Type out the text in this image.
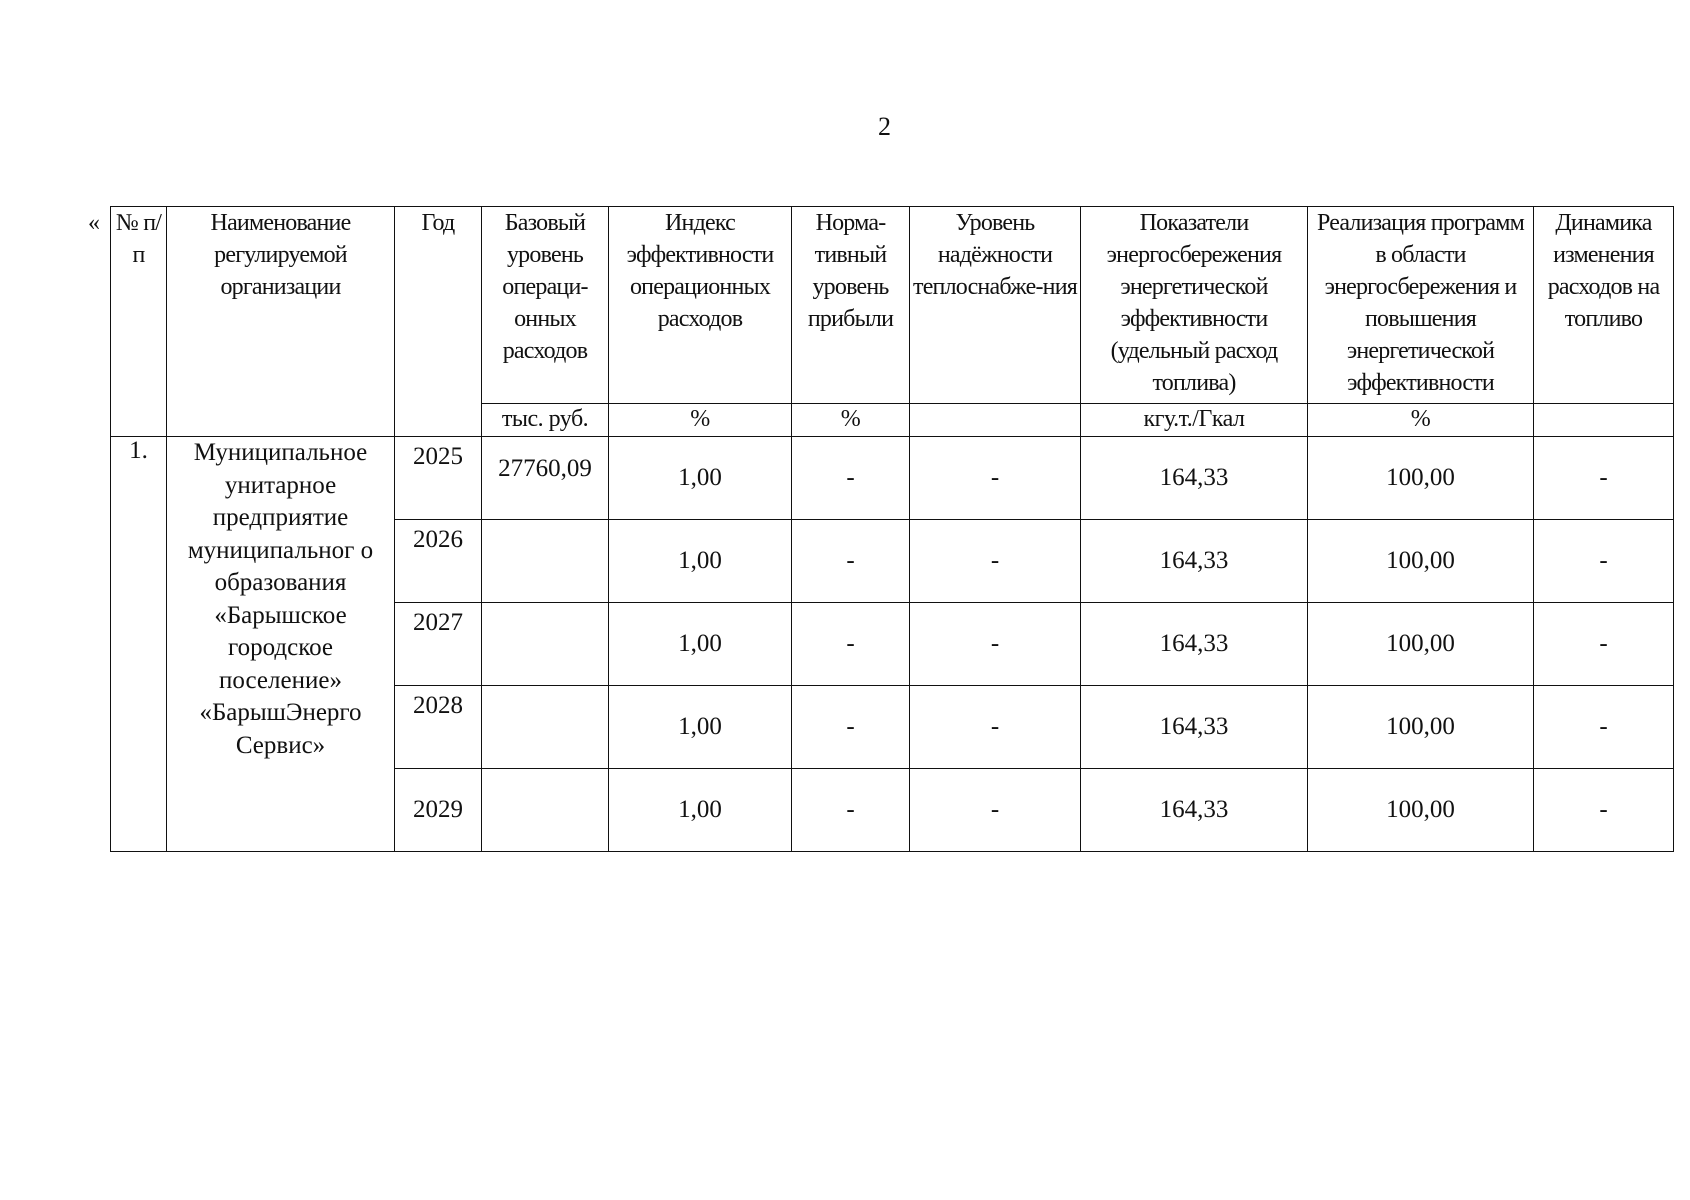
2
« № п/п	Наименование регулируемой организации	Год	Базовый уровень операци-онных расходов	Индекс эффективности операционных расходов	Норма-тивный уровень прибыли	Уровень надёжности теплоснабже-ния	Показатели энергосбережения энергетической эффективности (удельный расход топлива)	Реализация программ в области энергосбережения и повышения энергетической эффективности	Динамика изменения расходов на топливо
			тыс. руб.	%	%		кгу.т./Гкал	%	
1.	Муниципальное унитарное предприятие муниципальног о образования «Барышское городское поселение» «БарышЭнерго Сервис»	2025	27760,09	1,00	-	-	164,33	100,00	-
		2026		1,00	-	-	164,33	100,00	-
		2027		1,00	-	-	164,33	100,00	-
		2028		1,00	-	-	164,33	100,00	-
		2029		1,00	-	-	164,33	100,00	-
